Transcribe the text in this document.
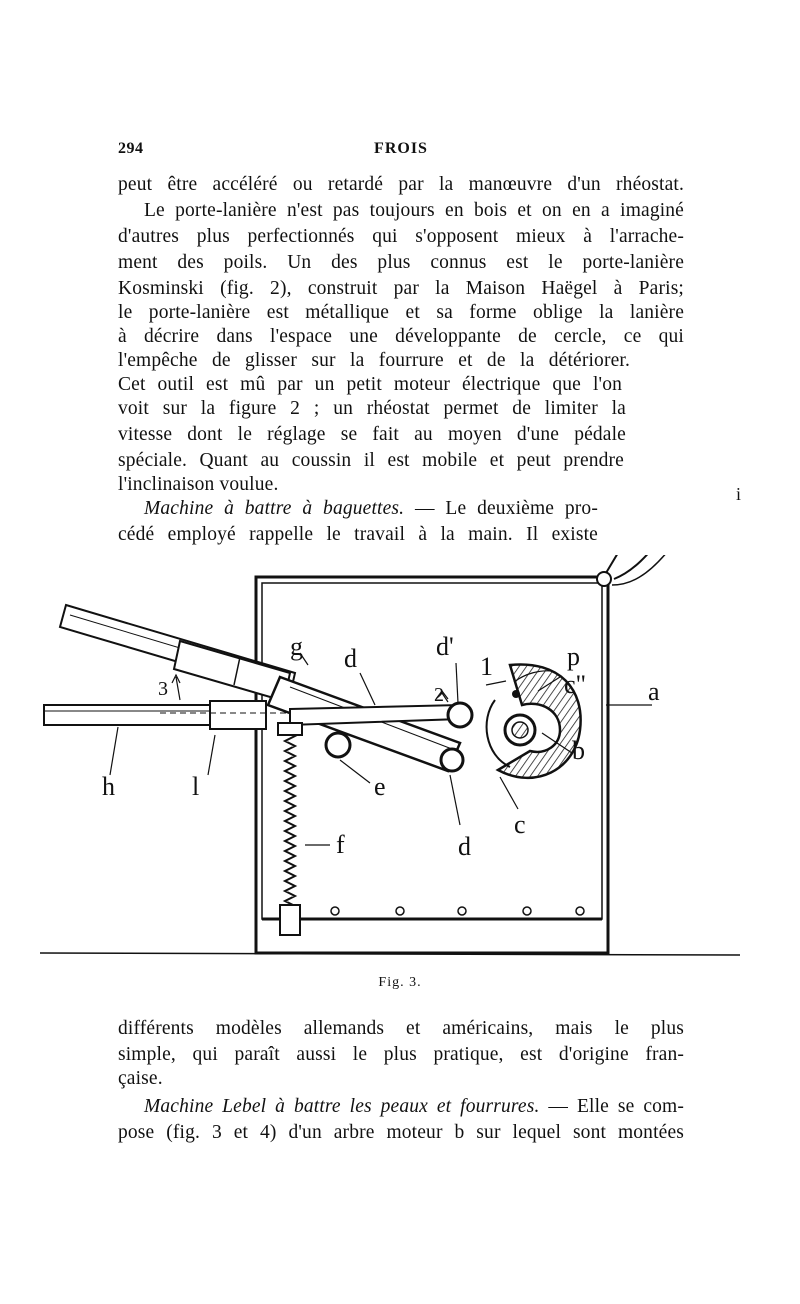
294	FROIS
peut être accéléré ou retardé par la manœuvre d'un rhéostat.
Le porte-lanière n'est pas toujours en bois et on en a imaginé
d'autres plus perfectionnés qui s'opposent mieux à l'arrache-
ment des poils. Un des plus connus est le porte-lanière
Kosminski (fig. 2), construit par la Maison Haëgel à Paris;
le porte-lanière est métallique et sa forme oblige la lanière
à décrire dans l'espace une développante de cercle, ce qui
l'empêche de glisser sur la fourrure et de la détériorer.
Cet outil est mû par un petit moteur électrique que l'on
voit sur la figure 2 ; un rhéostat permet de limiter la
vitesse dont le réglage se fait au moyen d'une pédale
spéciale. Quant au coussin il est mobile et peut prendre
l'inclinaison voulue.
Machine à battre à baguettes. — Le deuxième pro-
cédé employé rappelle le travail à la main. Il existe
g d	d'
1	p
c" a
b
c
e
d
f
h	l
3	2
i
Fig. 3.
différents modèles allemands et américains, mais le plus
simple, qui paraît aussi le plus pratique, est d'origine fran-
çaise.
Machine Lebel à battre les peaux et fourrures. — Elle se com-
pose (fig. 3 et 4) d'un arbre moteur b sur lequel sont montées
